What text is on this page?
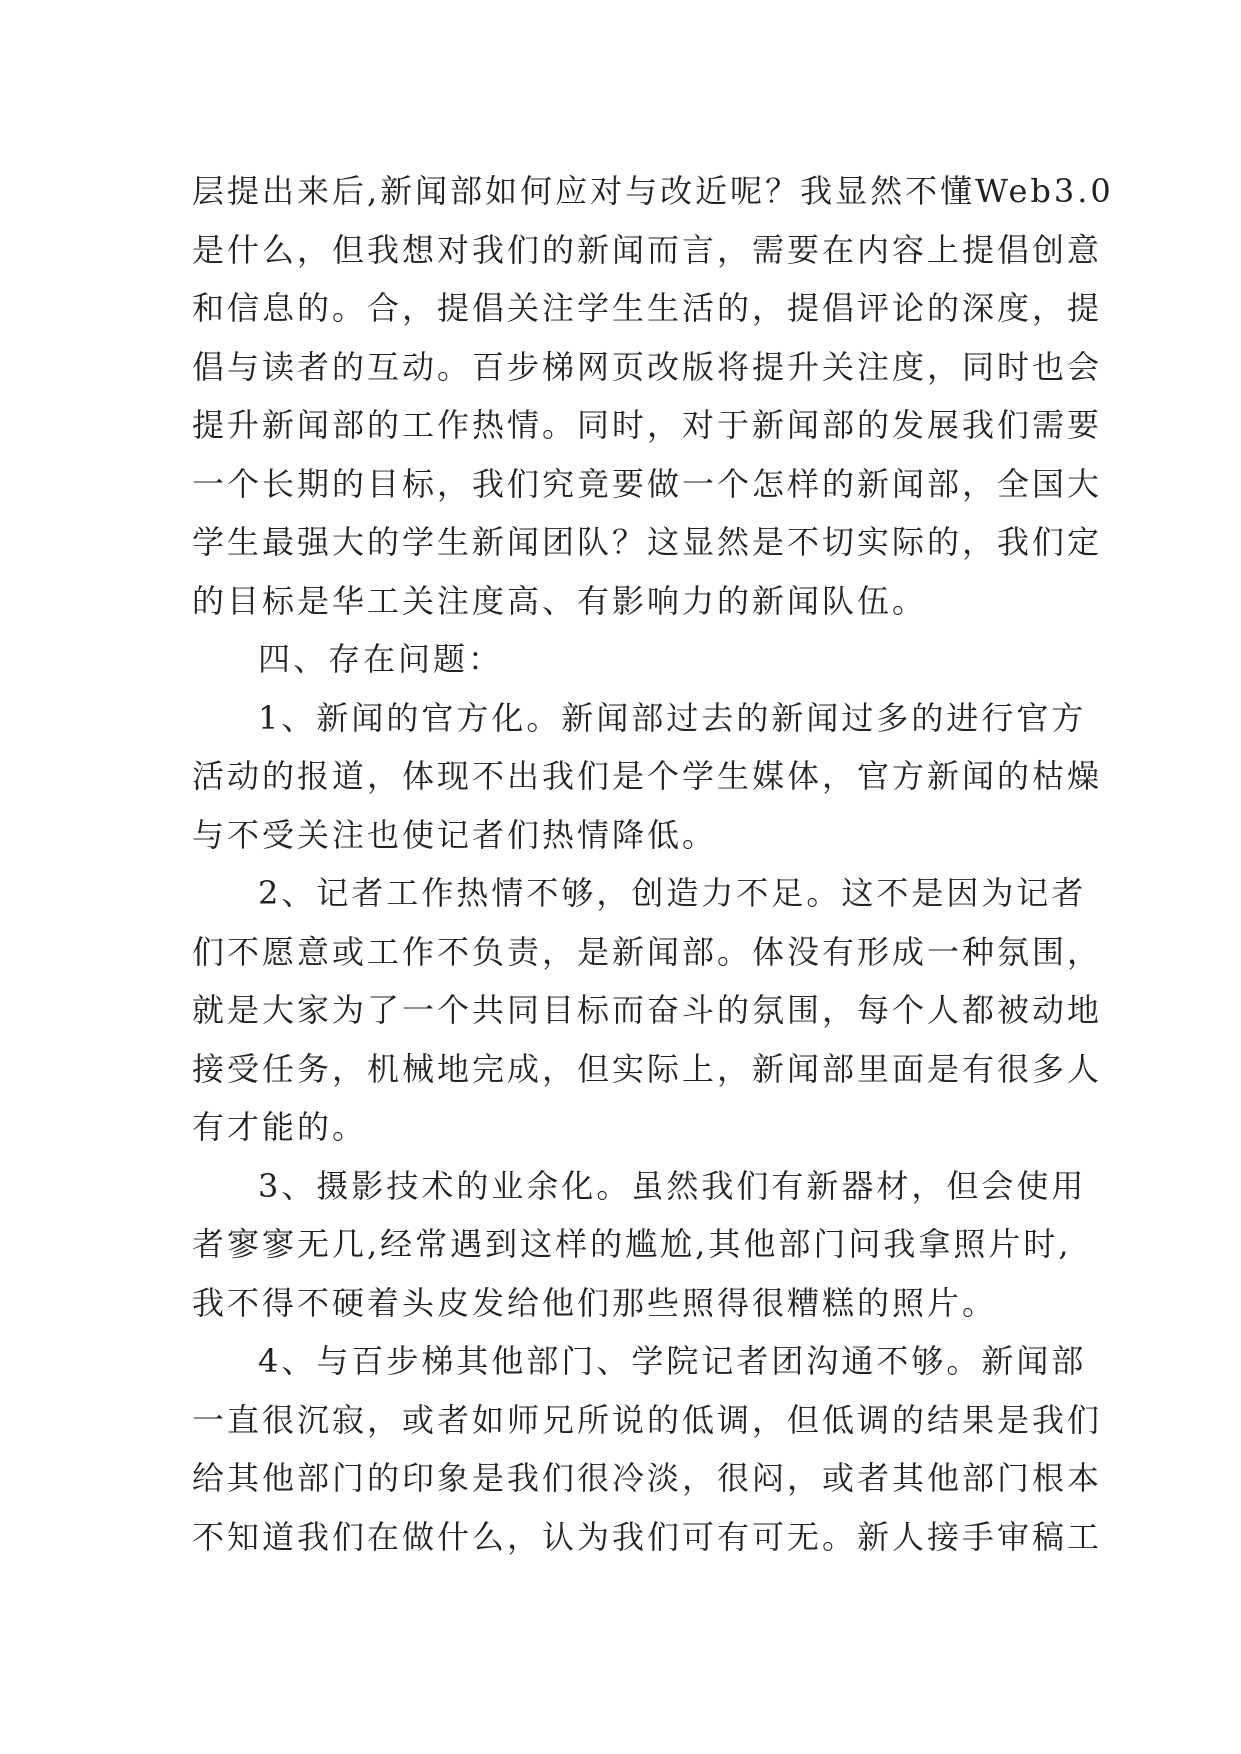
层提出来后,新闻部如何应对与改近呢？我显然不懂Web3.0
是什么，但我想对我们的新闻而言，需要在内容上提倡创意
和信息的。合，提倡关注学生生活的，提倡评论的深度，提
倡与读者的互动。百步梯网页改版将提升关注度，同时也会
提升新闻部的工作热情。同时，对于新闻部的发展我们需要
一个长期的目标，我们究竟要做一个怎样的新闻部，全国大
学生最强大的学生新闻团队？这显然是不切实际的，我们定
的目标是华工关注度高、有影响力的新闻队伍。
四、存在问题：
1、新闻的官方化。新闻部过去的新闻过多的进行官方
活动的报道，体现不出我们是个学生媒体，官方新闻的枯燥
与不受关注也使记者们热情降低。
2、记者工作热情不够，创造力不足。这不是因为记者
们不愿意或工作不负责，是新闻部。体没有形成一种氛围，
就是大家为了一个共同目标而奋斗的氛围，每个人都被动地
接受任务，机械地完成，但实际上，新闻部里面是有很多人
有才能的。
3、摄影技术的业余化。虽然我们有新器材，但会使用
者寥寥无几,经常遇到这样的尴尬,其他部门问我拿照片时,
我不得不硬着头皮发给他们那些照得很糟糕的照片。
4、与百步梯其他部门、学院记者团沟通不够。新闻部
一直很沉寂，或者如师兄所说的低调，但低调的结果是我们
给其他部门的印象是我们很冷淡，很闷，或者其他部门根本
不知道我们在做什么，认为我们可有可无。新人接手审稿工
